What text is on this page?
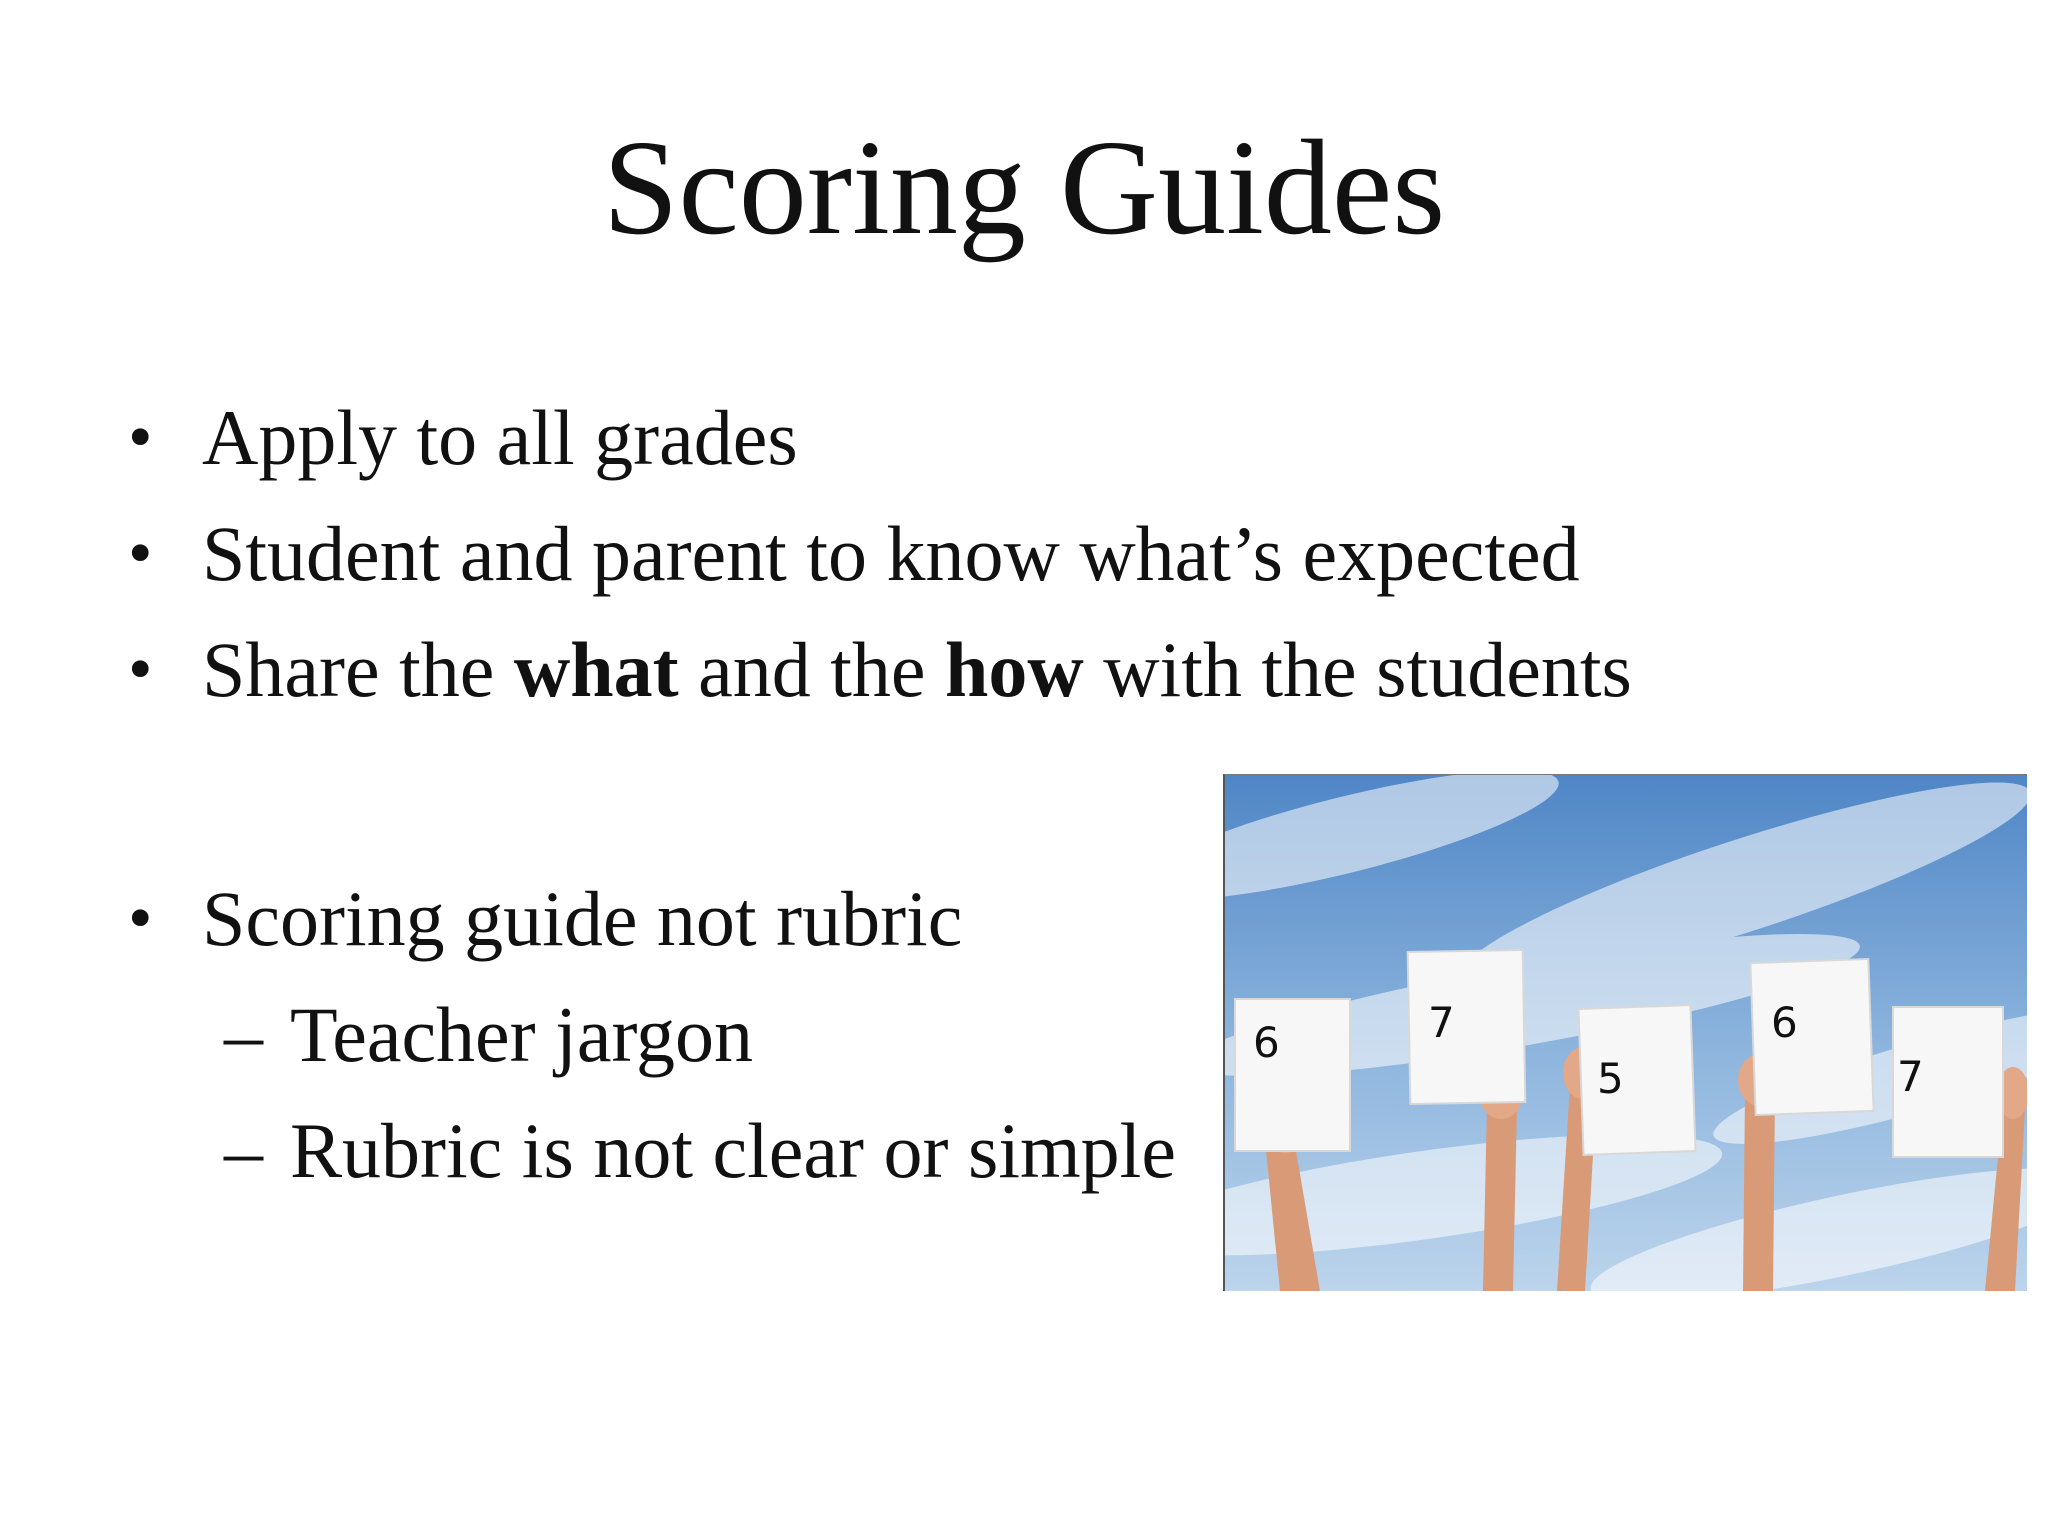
Scoring Guides
• Apply to all grades
• Student and parent to know what’s expected
• Share the what and the how with the students
• Scoring guide not rubric
– Teacher jargon
– Rubric is not clear or simple
6	7
5
6
7
